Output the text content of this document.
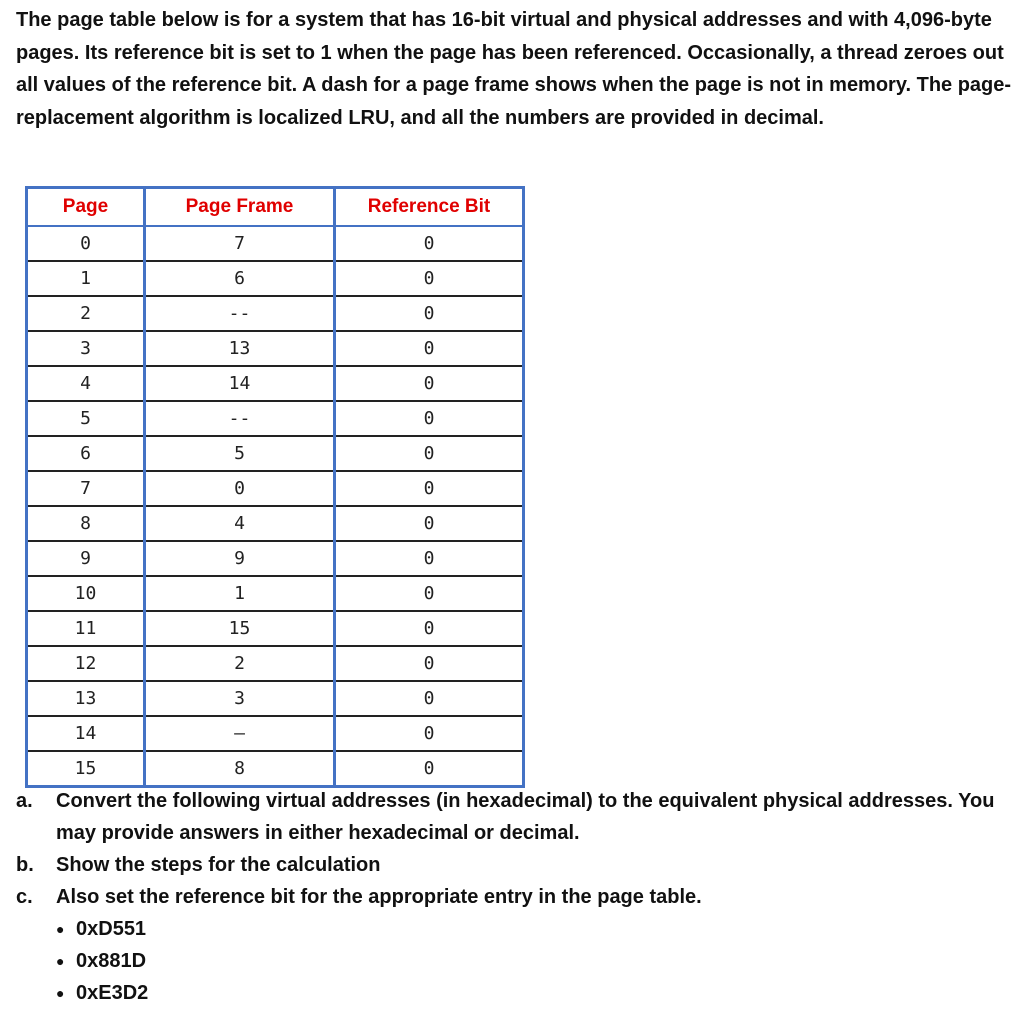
The page table below is for a system that has 16-bit virtual and physical addresses and with 4,096-byte pages. Its reference bit is set to 1 when the page has been referenced. Occasionally, a thread zeroes out all values of the reference bit. A dash for a page frame shows when the page is not in memory. The page-replacement algorithm is localized LRU, and all the numbers are provided in decimal.

Page	Page Frame	Reference Bit
0	7	0
1	6	0
2	--	0
3	13	0
4	14	0
5	--	0
6	5	0
7	0	0
8	4	0
9	9	0
10	1	0
11	15	0
12	2	0
13	3	0
14	–	0
15	8	0
a.	Convert the following virtual addresses (in hexadecimal) to the equivalent physical addresses. You may provide answers in either hexadecimal or decimal.
b.	Show the steps for the calculation
c.	Also set the reference bit for the appropriate entry in the page table.
● 0xD551
● 0x881D
● 0xE3D2
